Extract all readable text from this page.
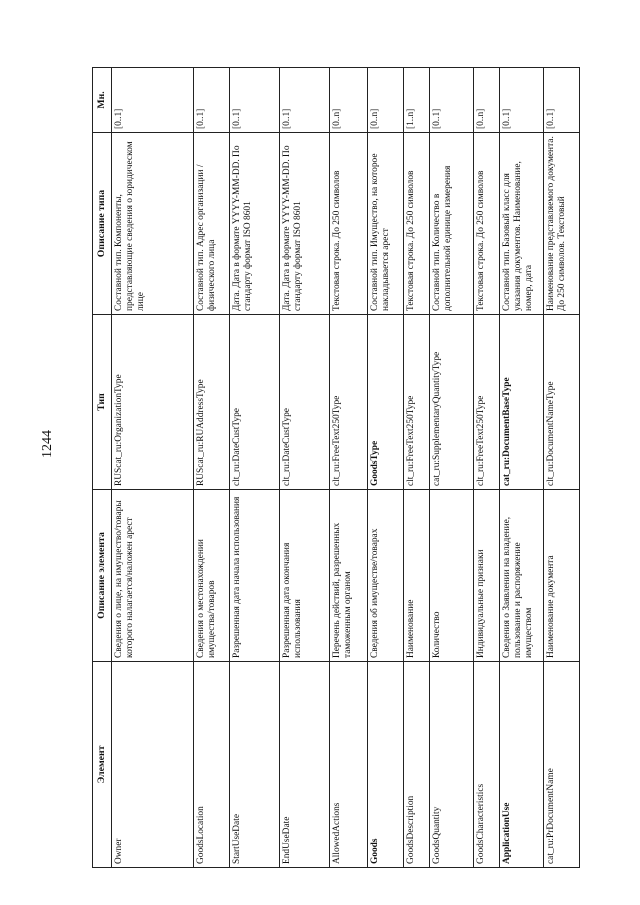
1244
Элемент	Описание элемента	Тип	Описание типа	Мн.
Owner	Сведения о лице, на имущество/товары которого налагается/наложен арест	RUScat_ru:OrganizationType	Составной тип. Компоненты, представляющие сведения о юридическом лице	[0..1]
GoodsLocation	Сведения о местонахождении имущества/товаров	RUScat_ru:RUAddressType	Составной тип. Адрес организации / физического лица	[0..1]
StartUseDate	Разрешенная дата начала использования	clt_ru:DateCustType	Дата. Дата в формате YYYY-MM-DD. По стандарту формат ISO 8601	[0..1]
EndUseDate	Разрешенная дата окончания использования	clt_ru:DateCustType	Дата. Дата в формате YYYY-MM-DD. По стандарту формат ISO 8601	[0..1]
AllowedActions	Перечень действий, разрешенных таможенным органом	clt_ru:FreeText250Type	Текстовая строка. До 250 символов	[0..n]
Goods	Сведения об имуществе/товарах	GoodsType	Составной тип. Имущество, на которое накладывается арест	[0..n]
GoodsDescription	Наименование	clt_ru:FreeText250Type	Текстовая строка. До 250 символов	[1..n]
GoodsQuantity	Количество	cat_ru:SupplementaryQuantityType	Составной тип. Количество в дополнительной единице измерения	[0..1]
GoodsCharacteristics	Индивидуальные признаки	clt_ru:FreeText250Type	Текстовая строка. До 250 символов	[0..n]
ApplicationUse	Сведения о Заявлении на владение, пользование и распоряжение имуществом	cat_ru:DocumentBaseType	Составной тип. Базовый класс для указания документов. Наименование, номер, дата	[0..1]
cat_ru:PrDocumentName	Наименование документа	clt_ru:DocumentNameType	Наименование представляемого документа. До 250 символов. Текстовый	[0..1]
